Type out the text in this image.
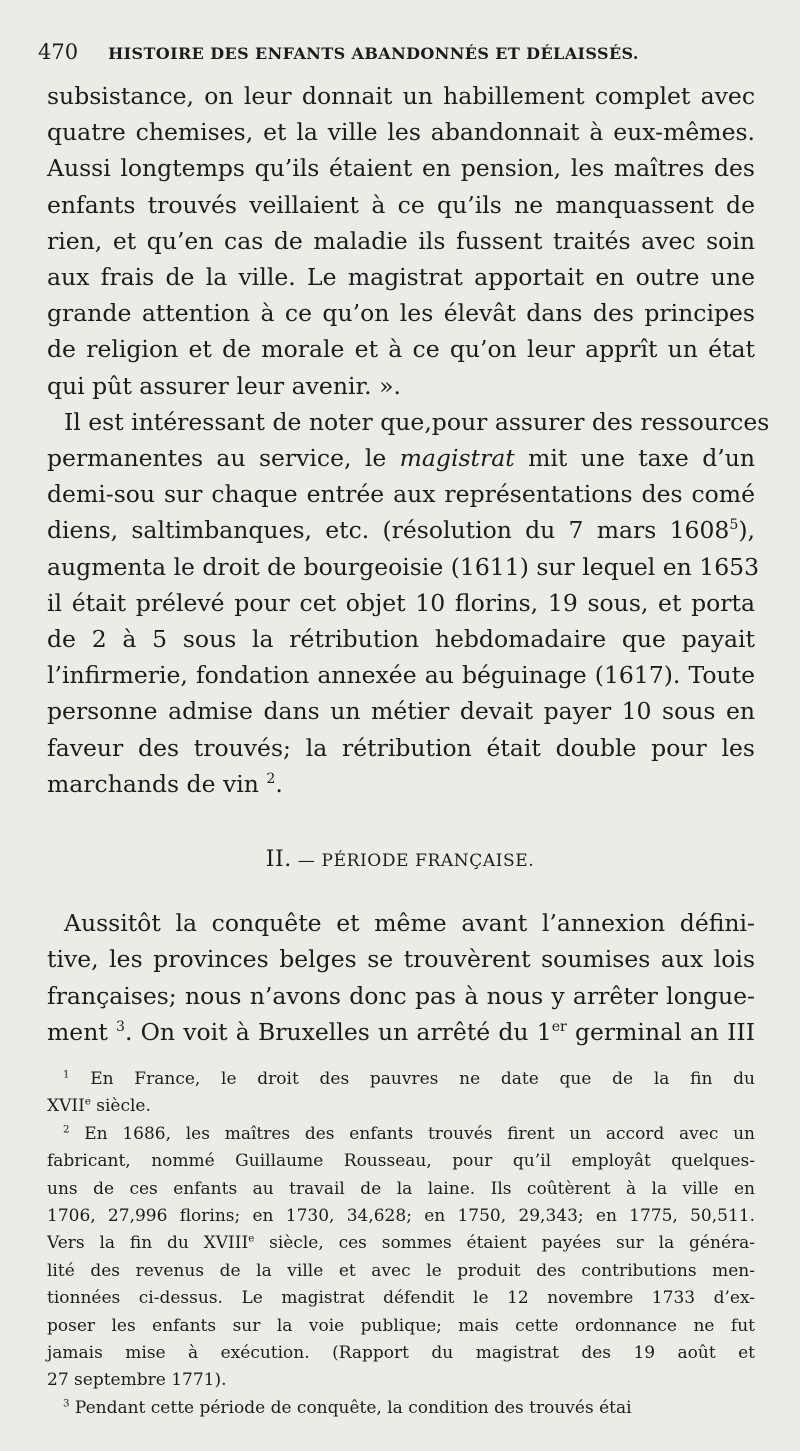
470 HISTOIRE DES ENFANTS ABANDONNÉS ET DÉLAISSÉS.
subsistance, on leur donnait un habillement complet avec
quatre chemises, et la ville les abandonnait à eux-mêmes.
Aussi longtemps qu’ils étaient en pension, les maîtres des
enfants trouvés veillaient à ce qu’ils ne manquassent de
rien, et qu’en cas de maladie ils fussent traités avec soin
aux frais de la ville. Le magistrat apportait en outre une
grande attention à ce qu’on les élevât dans des principes
de religion et de morale et à ce qu’on leur apprît un état
qui pût assurer leur avenir. ».
Il est intéressant de noter que,pour assurer des ressources
permanentes au service, le magistrat mit une taxe d’un
demi-sou sur chaque entrée aux représentations des comé
diens, saltimbanques, etc. (résolution du 7 mars 1608$^5$),
augmenta le droit de bourgeoisie (1611) sur lequel en 1653
il était prélevé pour cet objet 10 florins, 19 sous, et porta
de 2 à 5 sous la rétribution hebdomadaire que payait
l’infirmerie, fondation annexée au béguinage (1617). Toute
personne admise dans un métier devait payer 10 sous en
faveur des trouvés; la rétribution était double pour les
marchands de vin $^2$.
II. — PÉRIODE FRANÇAISE.
Aussitôt la conquête et même avant l’annexion défini-
tive, les provinces belges se trouvèrent soumises aux lois
françaises; nous n’avons donc pas à nous y arrêter longue-
ment $^3$. On voit à Bruxelles un arrêté du 1er germinal an III
$^1$ En France, le droit des pauvres ne date que de la fin du
XVIIe siècle.
$^2$ En 1686, les maîtres des enfants trouvés firent un accord avec un
fabricant, nommé Guillaume Rousseau, pour qu’il employât quelques-
uns de ces enfants au travail de la laine. Ils coûtèrent à la ville en
1706, 27,996 florins; en 1730, 34,628; en 1750, 29,343; en 1775, 50,511.
Vers la fin du XVIIIe siècle, ces sommes étaient payées sur la généra-
lité des revenus de la ville et avec le produit des contributions men-
tionnées ci-dessus. Le magistrat défendit le 12 novembre 1733 d’ex-
poser les enfants sur la voie publique; mais cette ordonnance ne fut
jamais mise à exécution. (Rapport du magistrat des 19 août et
27 septembre 1771).
$^3$ Pendant cette période de conquête, la condition des trouvés étai
